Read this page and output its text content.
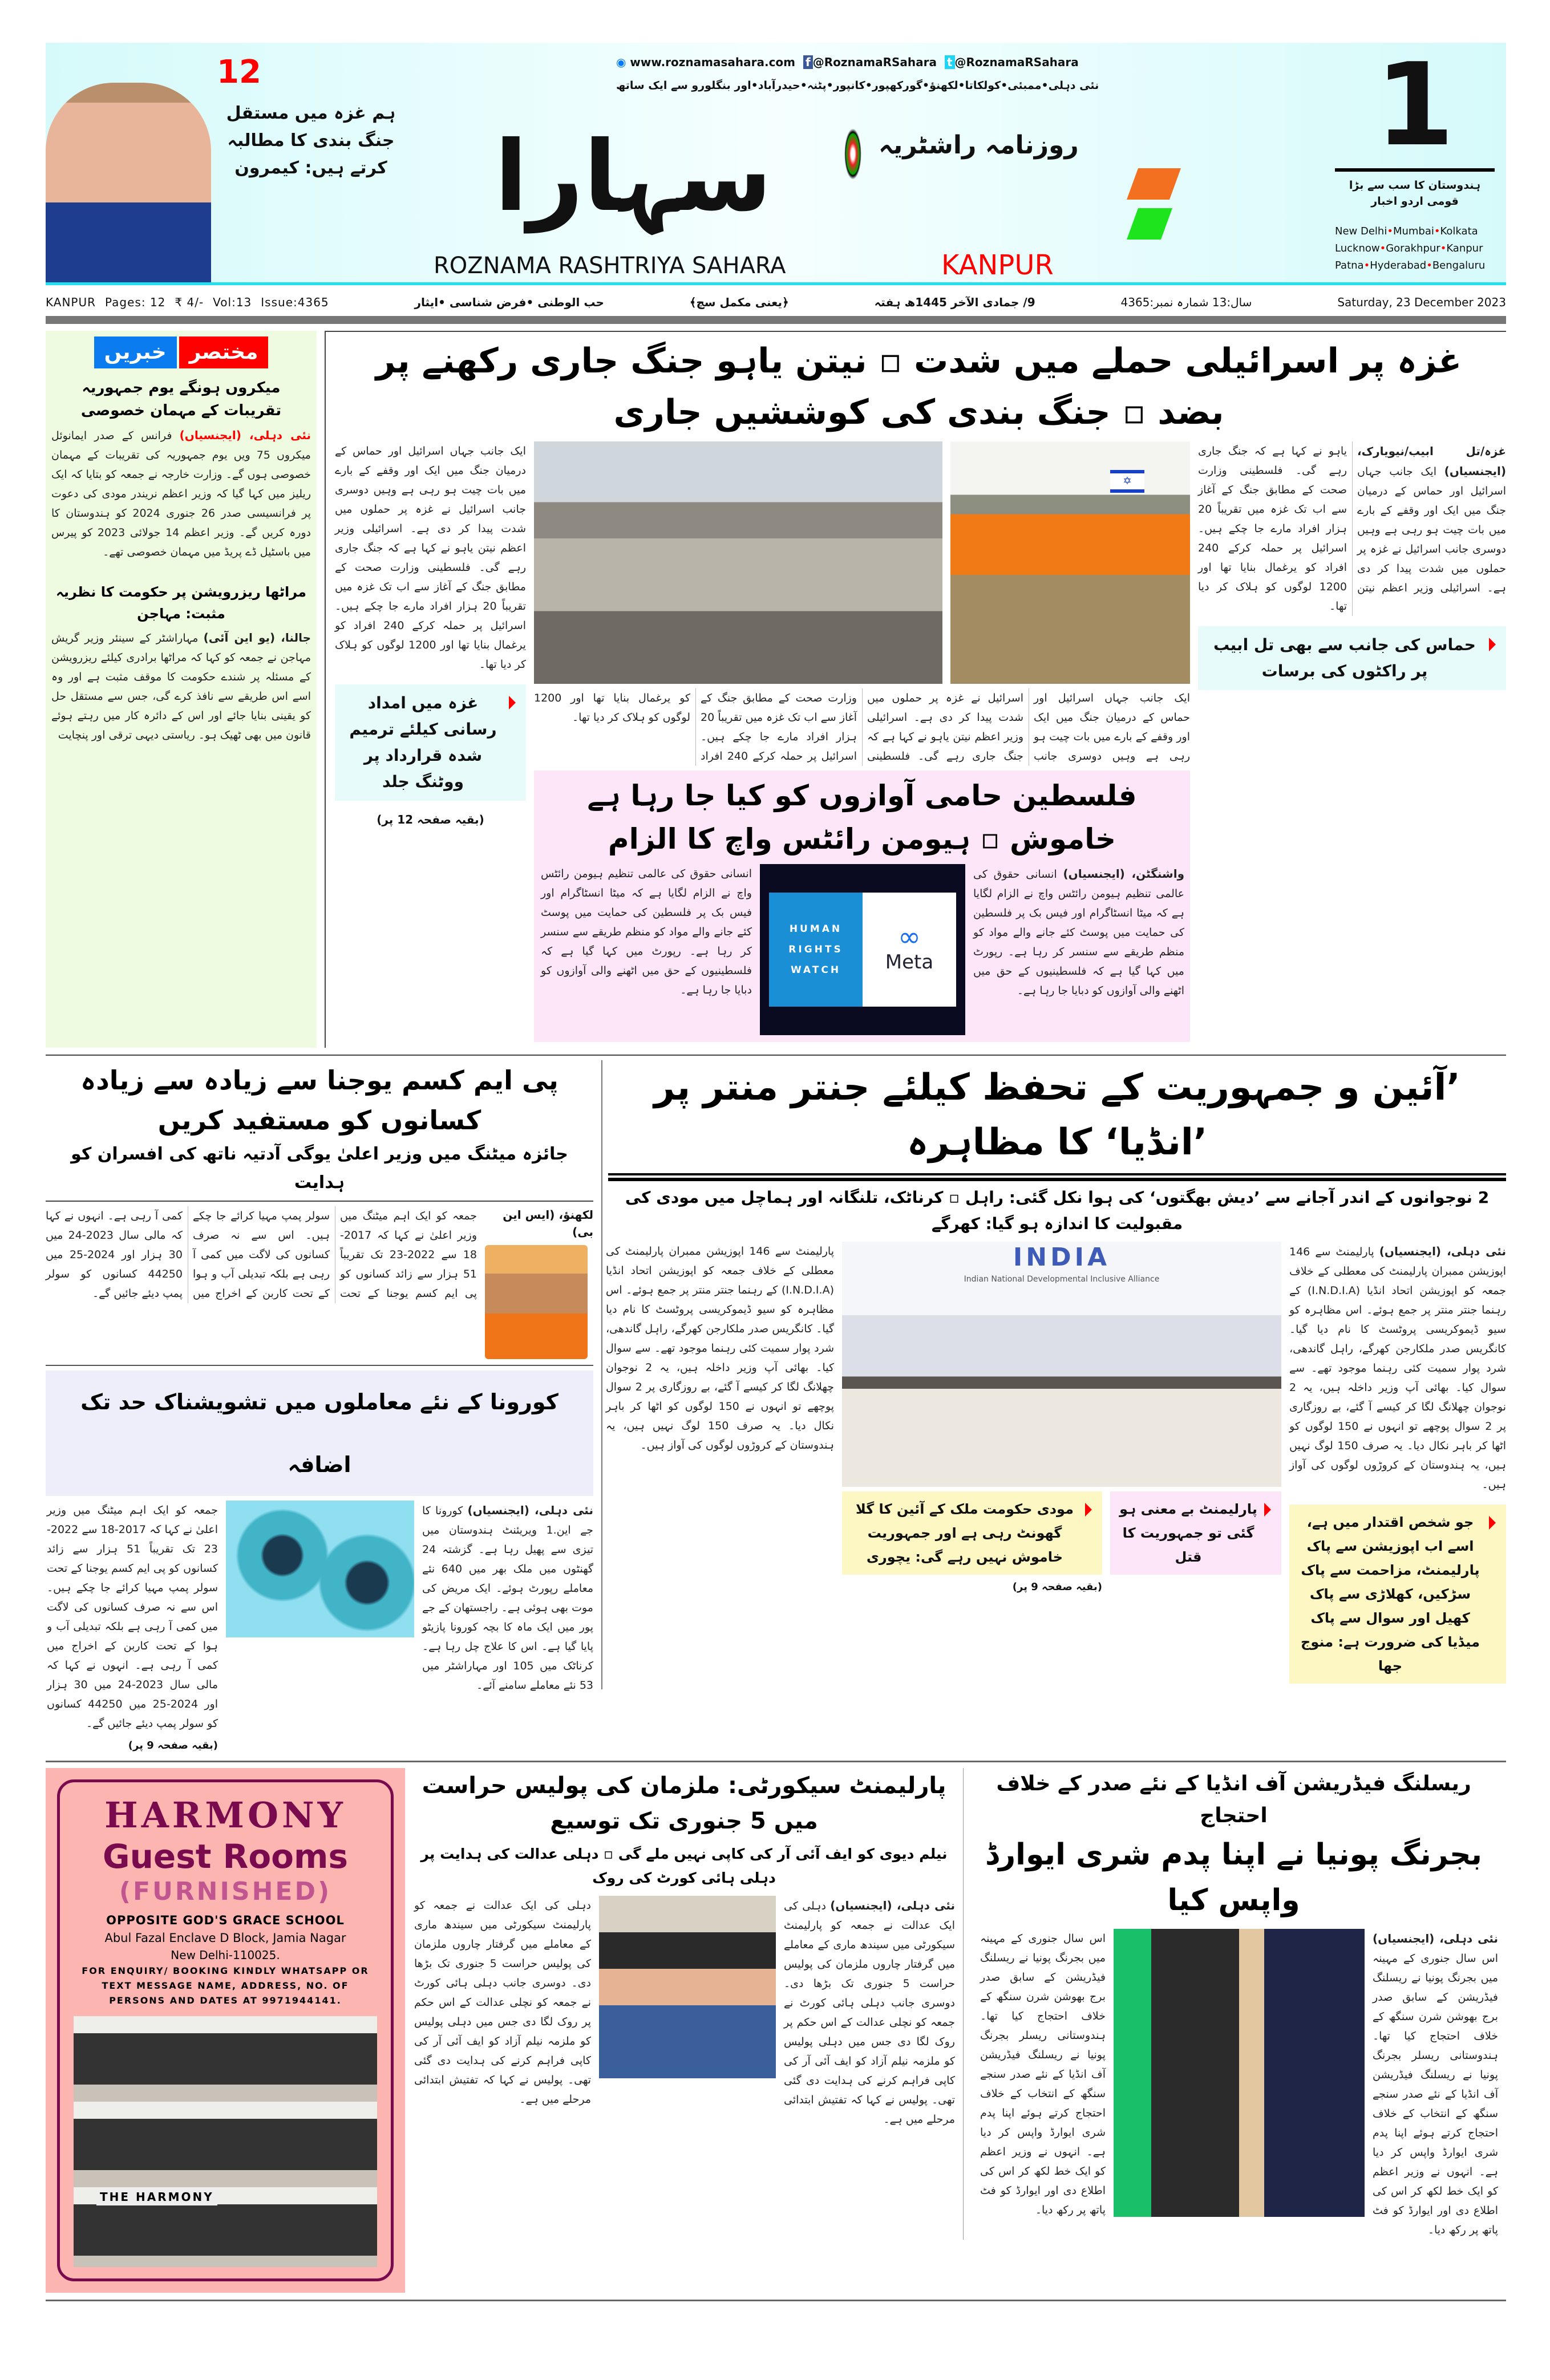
12
ہم غزہ میں مستقل جنگ بندی کا مطالبہ کرتے ہیں: کیمرون
◉ www.roznamasahara.com f @RoznamaRSahara t @RoznamaRSahara
نئی دہلی•ممبئی•کولکاتا•لکھنؤ•گورکھپور•کانپور•پٹنہ•حیدرآباد•اور بنگلورو سے ایک ساتھ
روزنامہ راشٹریہ
سہارا
ROZNAMA RASHTRIYA SAHARA	KANPUR
1
ہندوستان کا سب سے بڑا قومی اردو اخبار
New Delhi•Mumbai•Kolkata
Lucknow•Gorakhpur•Kanpur
Patna•Hyderabad•Bengaluru

KANPUR Pages: 12 ₹ 4/- Vol:13 Issue:4365	حب الوطنی •فرض شناسی •ایثار	﴿یعنی مکمل سچ﴾	9/ جمادی الآخر 1445ھ ہفتہ	سال:13 شمارہ نمبر:4365	Saturday, 23 December 2023
خبریں	مختصر
میکروں ہونگے یوم جمہوریہ تقریبات کے مہمان خصوصی
نئی دہلی، (ایجنسیاں) فرانس کے صدر ایمانوئل میکروں 75 ویں یوم جمہوریہ کی تقریبات کے مہمان خصوصی ہوں گے۔ وزارت خارجہ نے جمعہ کو بتایا کہ ایک ریلیز میں کہا گیا کہ وزیر اعظم نریندر مودی کی دعوت پر فرانسیسی صدر 26 جنوری 2024 کو ہندوستان کا دورہ کریں گے۔ وزیر اعظم 14 جولائی 2023 کو پیرس میں باسٹیل ڈے پریڈ میں مہمان خصوصی تھے۔
مراٹھا ریزرویشن پر حکومت کا نظریہ مثبت: مہاجن
جالنا، (یو این آئی) مہاراشٹر کے سینئر وزیر گریش مہاجن نے جمعہ کو کہا کہ مراٹھا برادری کیلئے ریزرویشن کے مسئلہ پر شندے حکومت کا موقف مثبت ہے اور وہ اسے اس طریقے سے نافذ کرے گی، جس سے مستقل حل کو یقینی بنایا جائے اور اس کے دائرہ کار میں رہتے ہوئے قانون میں بھی ٹھیک ہو۔ ریاستی دیہی ترقی اور پنچایت
غزہ پر اسرائیلی حملے میں شدت ▫ نیتن یاہو جنگ جاری رکھنے پر بضد ▫ جنگ بندی کی کوششیں جاری
غزہ/تل ابیب/نیویارک، (ایجنسیاں) ایک جانب جہاں اسرائیل اور حماس کے درمیان جنگ میں ایک اور وقفے کے بارے میں بات چیت ہو رہی ہے وہیں دوسری جانب اسرائیل نے غزہ پر حملوں میں شدت پیدا کر دی ہے۔ اسرائیلی وزیر اعظم نیتن یاہو نے کہا ہے کہ جنگ جاری رہے گی۔ فلسطینی وزارت صحت کے مطابق جنگ کے آغاز سے اب تک غزہ میں تقریباً 20 ہزار افراد مارے جا چکے ہیں۔ اسرائیل پر حملہ کرکے 240 افراد کو یرغمال بنایا تھا اور 1200 لوگوں کو ہلاک کر دیا تھا۔
حماس کی جانب سے بھی تل ابیب پر راکٹوں کی برسات
✡
ایک جانب جہاں اسرائیل اور حماس کے درمیان جنگ میں ایک اور وقفے کے بارے میں بات چیت ہو رہی ہے وہیں دوسری جانب اسرائیل نے غزہ پر حملوں میں شدت پیدا کر دی ہے۔ اسرائیلی وزیر اعظم نیتن یاہو نے کہا ہے کہ جنگ جاری رہے گی۔ فلسطینی وزارت صحت کے مطابق جنگ کے آغاز سے اب تک غزہ میں تقریباً 20 ہزار افراد مارے جا چکے ہیں۔ اسرائیل پر حملہ کرکے 240 افراد کو یرغمال بنایا تھا اور 1200 لوگوں کو ہلاک کر دیا تھا۔
فلسطین حامی آوازوں کو کیا جا رہا ہے خاموش ▫ ہیومن رائٹس واچ کا الزام
واشنگٹن، (ایجنسیاں) انسانی حقوق کی عالمی تنظیم ہیومن رائٹس واچ نے الزام لگایا ہے کہ میٹا انسٹاگرام اور فیس بک پر فلسطین کی حمایت میں پوسٹ کئے جانے والے مواد کو منظم طریقے سے سنسر کر رہا ہے۔ رپورٹ میں کہا گیا ہے کہ فلسطینیوں کے حق میں اٹھنے والی آوازوں کو دبایا جا رہا ہے۔
HUMAN RIGHTS WATCH
∞
Meta
انسانی حقوق کی عالمی تنظیم ہیومن رائٹس واچ نے الزام لگایا ہے کہ میٹا انسٹاگرام اور فیس بک پر فلسطین کی حمایت میں پوسٹ کئے جانے والے مواد کو منظم طریقے سے سنسر کر رہا ہے۔ رپورٹ میں کہا گیا ہے کہ فلسطینیوں کے حق میں اٹھنے والی آوازوں کو دبایا جا رہا ہے۔
ایک جانب جہاں اسرائیل اور حماس کے درمیان جنگ میں ایک اور وقفے کے بارے میں بات چیت ہو رہی ہے وہیں دوسری جانب اسرائیل نے غزہ پر حملوں میں شدت پیدا کر دی ہے۔ اسرائیلی وزیر اعظم نیتن یاہو نے کہا ہے کہ جنگ جاری رہے گی۔ فلسطینی وزارت صحت کے مطابق جنگ کے آغاز سے اب تک غزہ میں تقریباً 20 ہزار افراد مارے جا چکے ہیں۔ اسرائیل پر حملہ کرکے 240 افراد کو یرغمال بنایا تھا اور 1200 لوگوں کو ہلاک کر دیا تھا۔
غزہ میں امداد رسانی کیلئے ترمیم شدہ قرارداد پر ووٹنگ جلد
(بقیہ صفحہ 12 پر)
پی ایم کسم یوجنا سے زیادہ سے زیادہ کسانوں کو مستفید کریں
جائزہ میٹنگ میں وزیر اعلیٰ یوگی آدتیہ ناتھ کی افسران کو ہدایت
لکھنؤ، (ایس این بی)
جمعہ کو ایک اہم میٹنگ میں وزیر اعلیٰ نے کہا کہ 2017-18 سے 2022-23 تک تقریباً 51 ہزار سے زائد کسانوں کو پی ایم کسم یوجنا کے تحت سولر پمپ مہیا کرائے جا چکے ہیں۔ اس سے نہ صرف کسانوں کی لاگت میں کمی آ رہی ہے بلکہ تبدیلی آب و ہوا کے تحت کاربن کے اخراج میں کمی آ رہی ہے۔ انہوں نے کہا کہ مالی سال 2023-24 میں 30 ہزار اور 2024-25 میں 44250 کسانوں کو سولر پمپ دیئے جائیں گے۔
کورونا کے نئے معاملوں میں تشویشناک حد تک اضافہ
نئی دہلی، (ایجنسیاں) کورونا کا جے این.1 ویریئنٹ ہندوستان میں تیزی سے پھیل رہا ہے۔ گزشتہ 24 گھنٹوں میں ملک بھر میں 640 نئے معاملے رپورٹ ہوئے۔ ایک مریض کی موت بھی ہوئی ہے۔ راجستھان کے جے پور میں ایک ماہ کا بچہ کورونا پازیٹو پایا گیا ہے۔ اس کا علاج چل رہا ہے۔ کرناٹک میں 105 اور مہاراشٹر میں 53 نئے معاملے سامنے آئے۔
جمعہ کو ایک اہم میٹنگ میں وزیر اعلیٰ نے کہا کہ 2017-18 سے 2022-23 تک تقریباً 51 ہزار سے زائد کسانوں کو پی ایم کسم یوجنا کے تحت سولر پمپ مہیا کرائے جا چکے ہیں۔ اس سے نہ صرف کسانوں کی لاگت میں کمی آ رہی ہے بلکہ تبدیلی آب و ہوا کے تحت کاربن کے اخراج میں کمی آ رہی ہے۔ انہوں نے کہا کہ مالی سال 2023-24 میں 30 ہزار اور 2024-25 میں 44250 کسانوں کو سولر پمپ دیئے جائیں گے۔
(بقیہ صفحہ 9 پر)
’آئین و جمہوریت کے تحفظ کیلئے جنتر منتر پر ’انڈیا‘ کا مظاہرہ
2 نوجوانوں کے اندر آجانے سے ’دیش بھگتوں‘ کی ہوا نکل گئی: راہل ▫ کرناٹک، تلنگانہ اور ہماچل میں مودی کی مقبولیت کا اندازہ ہو گیا: کھرگے
نئی دہلی، (ایجنسیاں) پارلیمنٹ سے 146 اپوزیشن ممبران پارلیمنٹ کی معطلی کے خلاف جمعہ کو اپوزیشن اتحاد انڈیا (I.N.D.I.A) کے رہنما جنتر منتر پر جمع ہوئے۔ اس مظاہرہ کو سیو ڈیموکریسی پروٹسٹ کا نام دیا گیا۔ کانگریس صدر ملکارجن کھرگے، راہل گاندھی، شرد پوار سمیت کئی رہنما موجود تھے۔ سے سوال کیا۔ بھائی آپ وزیر داخلہ ہیں، یہ 2 نوجوان چھلانگ لگا کر کیسے آ گئے، بے روزگاری پر 2 سوال پوچھے تو انہوں نے 150 لوگوں کو اٹھا کر باہر نکال دیا۔ یہ صرف 150 لوگ نہیں ہیں، یہ ہندوستان کے کروڑوں لوگوں کی آواز ہیں۔
جو شخص اقتدار میں ہے، اسے اب اپوزیشن سے پاک پارلیمنٹ، مزاحمت سے پاک سڑکیں، کھلاڑی سے پاک کھیل اور سوال سے پاک میڈیا کی ضرورت ہے: منوج جھا
INDIA
Indian National Developmental Inclusive Alliance
پارلیمنٹ بے معنی ہو گئی تو جمہوریت کا قتل
مودی حکومت ملک کے آئین کا گلا گھونٹ رہی ہے اور جمہوریت خاموش نہیں رہے گی: یچوری
(بقیہ صفحہ 9 پر)
پارلیمنٹ سے 146 اپوزیشن ممبران پارلیمنٹ کی معطلی کے خلاف جمعہ کو اپوزیشن اتحاد انڈیا (I.N.D.I.A) کے رہنما جنتر منتر پر جمع ہوئے۔ اس مظاہرہ کو سیو ڈیموکریسی پروٹسٹ کا نام دیا گیا۔ کانگریس صدر ملکارجن کھرگے، راہل گاندھی، شرد پوار سمیت کئی رہنما موجود تھے۔ سے سوال کیا۔ بھائی آپ وزیر داخلہ ہیں، یہ 2 نوجوان چھلانگ لگا کر کیسے آ گئے، بے روزگاری پر 2 سوال پوچھے تو انہوں نے 150 لوگوں کو اٹھا کر باہر نکال دیا۔ یہ صرف 150 لوگ نہیں ہیں، یہ ہندوستان کے کروڑوں لوگوں کی آواز ہیں۔
HARMONY
Guest Rooms
(FURNISHED)
OPPOSITE GOD'S GRACE SCHOOL
Abul Fazal Enclave D Block, Jamia Nagar
New Delhi-110025.
FOR ENQUIRY/ BOOKING KINDLY WHATSAPP OR TEXT MESSAGE NAME, ADDRESS, NO. OF PERSONS AND DATES AT 9971944141.
THE HARMONY
پارلیمنٹ سیکورٹی: ملزمان کی پولیس حراست میں 5 جنوری تک توسیع
نیلم دیوی کو ایف آئی آر کی کاپی نہیں ملے گی ▫ دہلی عدالت کی ہدایت پر دہلی ہائی کورٹ کی روک
نئی دہلی، (ایجنسیاں) دہلی کی ایک عدالت نے جمعہ کو پارلیمنٹ سیکورٹی میں سیندھ ماری کے معاملے میں گرفتار چاروں ملزمان کی پولیس حراست 5 جنوری تک بڑھا دی۔ دوسری جانب دہلی ہائی کورٹ نے جمعہ کو نچلی عدالت کے اس حکم پر روک لگا دی جس میں دہلی پولیس کو ملزمہ نیلم آزاد کو ایف آئی آر کی کاپی فراہم کرنے کی ہدایت دی گئی تھی۔ پولیس نے کہا کہ تفتیش ابتدائی مرحلے میں ہے۔
دہلی کی ایک عدالت نے جمعہ کو پارلیمنٹ سیکورٹی میں سیندھ ماری کے معاملے میں گرفتار چاروں ملزمان کی پولیس حراست 5 جنوری تک بڑھا دی۔ دوسری جانب دہلی ہائی کورٹ نے جمعہ کو نچلی عدالت کے اس حکم پر روک لگا دی جس میں دہلی پولیس کو ملزمہ نیلم آزاد کو ایف آئی آر کی کاپی فراہم کرنے کی ہدایت دی گئی تھی۔ پولیس نے کہا کہ تفتیش ابتدائی مرحلے میں ہے۔
ریسلنگ فیڈریشن آف انڈیا کے نئے صدر کے خلاف احتجاج
بجرنگ پونیا نے اپنا پدم شری ایوارڈ واپس کیا
نئی دہلی، (ایجنسیاں) اس سال جنوری کے مہینہ میں بجرنگ پونیا نے ریسلنگ فیڈریشن کے سابق صدر برج بھوشن شرن سنگھ کے خلاف احتجاج کیا تھا۔ ہندوستانی ریسلر بجرنگ پونیا نے ریسلنگ فیڈریشن آف انڈیا کے نئے صدر سنجے سنگھ کے انتخاب کے خلاف احتجاج کرتے ہوئے اپنا پدم شری ایوارڈ واپس کر دیا ہے۔ انہوں نے وزیر اعظم کو ایک خط لکھ کر اس کی اطلاع دی اور ایوارڈ کو فٹ پاتھ پر رکھ دیا۔
اس سال جنوری کے مہینہ میں بجرنگ پونیا نے ریسلنگ فیڈریشن کے سابق صدر برج بھوشن شرن سنگھ کے خلاف احتجاج کیا تھا۔ ہندوستانی ریسلر بجرنگ پونیا نے ریسلنگ فیڈریشن آف انڈیا کے نئے صدر سنجے سنگھ کے انتخاب کے خلاف احتجاج کرتے ہوئے اپنا پدم شری ایوارڈ واپس کر دیا ہے۔ انہوں نے وزیر اعظم کو ایک خط لکھ کر اس کی اطلاع دی اور ایوارڈ کو فٹ پاتھ پر رکھ دیا۔
